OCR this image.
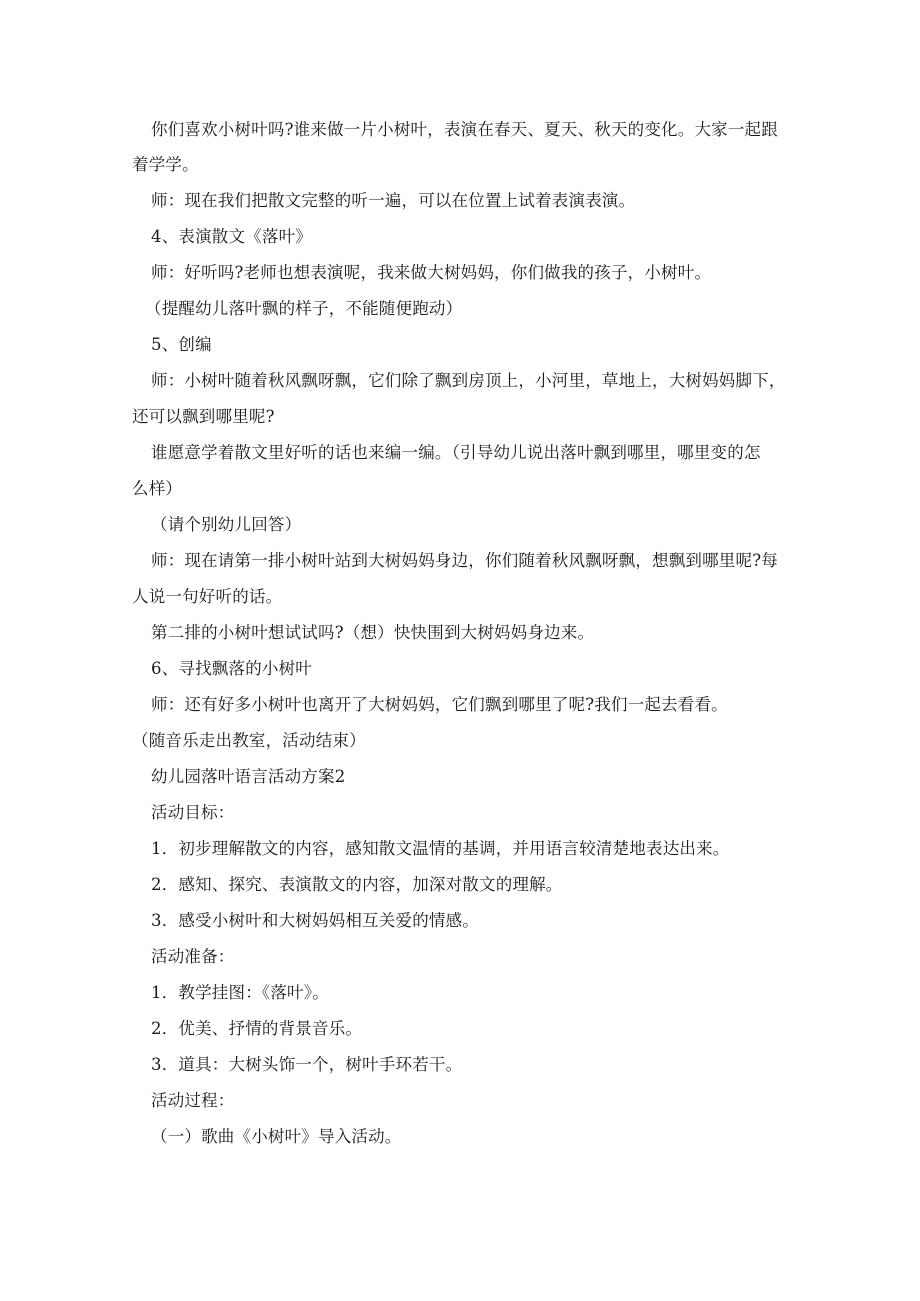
你们喜欢小树叶吗?谁来做一片小树叶，表演在春天、夏天、秋天的变化。大家一起跟
着学学。
师：现在我们把散文完整的听一遍，可以在位置上试着表演表演。
4、表演散文《落叶》
师：好听吗?老师也想表演呢，我来做大树妈妈，你们做我的孩子，小树叶。
（提醒幼儿落叶飘的样子，不能随便跑动）
5、创编
师：小树叶随着秋风飘呀飘，它们除了飘到房顶上，小河里，草地上，大树妈妈脚下，
还可以飘到哪里呢?
谁愿意学着散文里好听的话也来编一编。（引导幼儿说出落叶飘到哪里，哪里变的怎
么样）
（请个别幼儿回答）
师：现在请第一排小树叶站到大树妈妈身边，你们随着秋风飘呀飘，想飘到哪里呢?每
人说一句好听的话。
第二排的小树叶想试试吗?（想）快快围到大树妈妈身边来。
6、寻找飘落的小树叶
师：还有好多小树叶也离开了大树妈妈，它们飘到哪里了呢?我们一起去看看。
（随音乐走出教室，活动结束）
幼儿园落叶语言活动方案2
活动目标：
1．初步理解散文的内容，感知散文温情的基调，并用语言较清楚地表达出来。
2．感知、探究、表演散文的内容，加深对散文的理解。
3．感受小树叶和大树妈妈相互关爱的情感。
活动准备：
1．教学挂图：《落叶》。
2．优美、抒情的背景音乐。
3．道具：大树头饰一个，树叶手环若干。
活动过程：
（一）歌曲《小树叶》导入活动。
